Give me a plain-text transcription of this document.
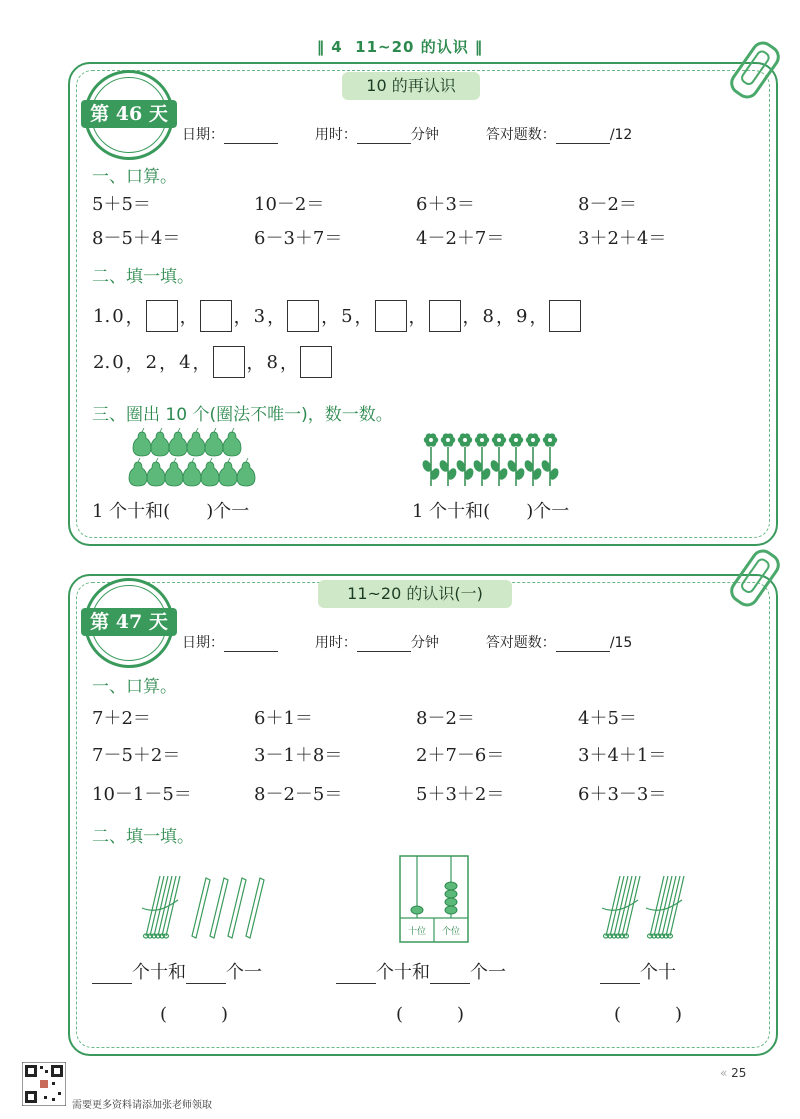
‖ 4 11~20 的认识 ‖
10 的再认识
第 46 天
日期：	用时：	分钟	答对题数：	/12
一、口算。
5＋5＝	10－2＝	6＋3＝	8－2＝
8－5＋4＝	6－3＋7＝	4－2＋7＝	3＋2＋4＝
二、填一填。
1. 0 ， ， ， 3 ， ， 5 ， ， ， 8 ， 9 ，
2. 0 ， 2 ， 4 ， ， 8 ，
三、圈出 10 个(圈法不唯一)，数一数。
1 个十和(　　)个一	1 个十和(　　)个一
11~20 的认识(一)
第 47 天
日期：	用时：	分钟	答对题数：	/15
一、口算。
7＋2＝	6＋1＝	8－2＝	4＋5＝
7－5＋2＝	3－1＋8＝	2＋7－6＝	3＋4＋1＝
10－1－5＝	8－2－5＝	5＋3＋2＝	6＋3－3＝
二、填一填。
十位 个位
个十和 个一	个十和 个一	个十
(　　　)	(　　　)	(　　　)
需要更多资料请添加张老师领取
« 25
